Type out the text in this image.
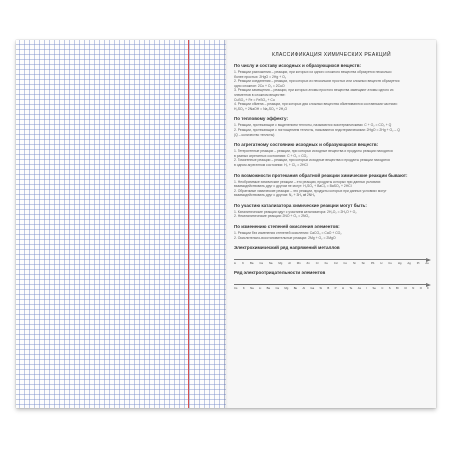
КЛАССИФИКАЦИЯ ХИМИЧЕСКИХ РЕАКЦИЙ
По числу и составу исходных и образующихся веществ:
1. Реакции разложения – реакции, при которых из одного сложного вещества образуется несколько
более простых: 2HgO = 2Hg + O₂
2. Реакции соединения – реакции, при которых из нескольких простых или сложных веществ образуется
одно сложное: 2Cu + O₂ = 2CuO
3. Реакции замещения – реакции, при которых атомы простого вещества замещают атомы одного из
элементов в сложном веществе:
CuSO₄ + Fe = FeSO₄ + Cu
4. Реакции обмена – реакции, при которых два сложных вещества обмениваются составными частями:
H₂SO₄ + 2NaOH = Na₂SO₄ + 2H₂O
По тепловому эффекту:
1. Реакции, протекающие с выделением теплоты, называются экзотермическими: C + O₂ = CO₂ + Q
2. Реакции, протекающие с поглощением теплоты, называются эндотермическими: 2HgO = 2Hg + O₂ – Q
(Q – количество теплоты)
По агрегатному состоянию исходных и образующихся веществ:
1. Гетерогенные реакции – реакции, при которых исходные вещества и продукты реакции находятся
в разных агрегатных состояниях: C + O₂ = CO₂
2. Гомогенные реакции – реакции, при которых исходные вещества и продукты реакции находятся
в одном агрегатном состоянии: H₂ + Cl₂ = 2HCl
По возможности протекания обратной реакции химические реакции бывают:
1. Необратимые химические реакции – это реакции, продукты которых при данных условиях
взаимодействовать друг с другом не могут: H₂SO₄ + BaCl₂ = BaSO₄ + 2HCl
2. Обратимые химические реакции – это реакции, продукты которых при данных условиях могут
взаимодействовать друг с другом: N₂ + 3H₂ ⇄ 2NH₃
По участию катализатора химические реакции могут быть:
1. Каталитические реакции идут с участием катализатора: 2H₂O₂ = 2H₂O + O₂
2. Некаталитические реакции: 2NO + O₂ = 2NO₂
По изменению степеней окисления элементов:
1. Реакции без изменения степеней окисления: CaCO₃ = CaO + CO₂
2. Окислительно-восстановительные реакции: 2Mg + O₂ = 2MgO
Электрохимический ряд напряжений металлов
Li K Ba Ca Na Mg Al Mn Zn Cr Fe Cd Co Ni Sn Pb H Cu Hg Ag Pt Au
Ряд электроотрицательности элементов
Cs K Na Li Ba Ca Mg Be Al Ga Si B P H Te As I Se C S Br Cl N O F
